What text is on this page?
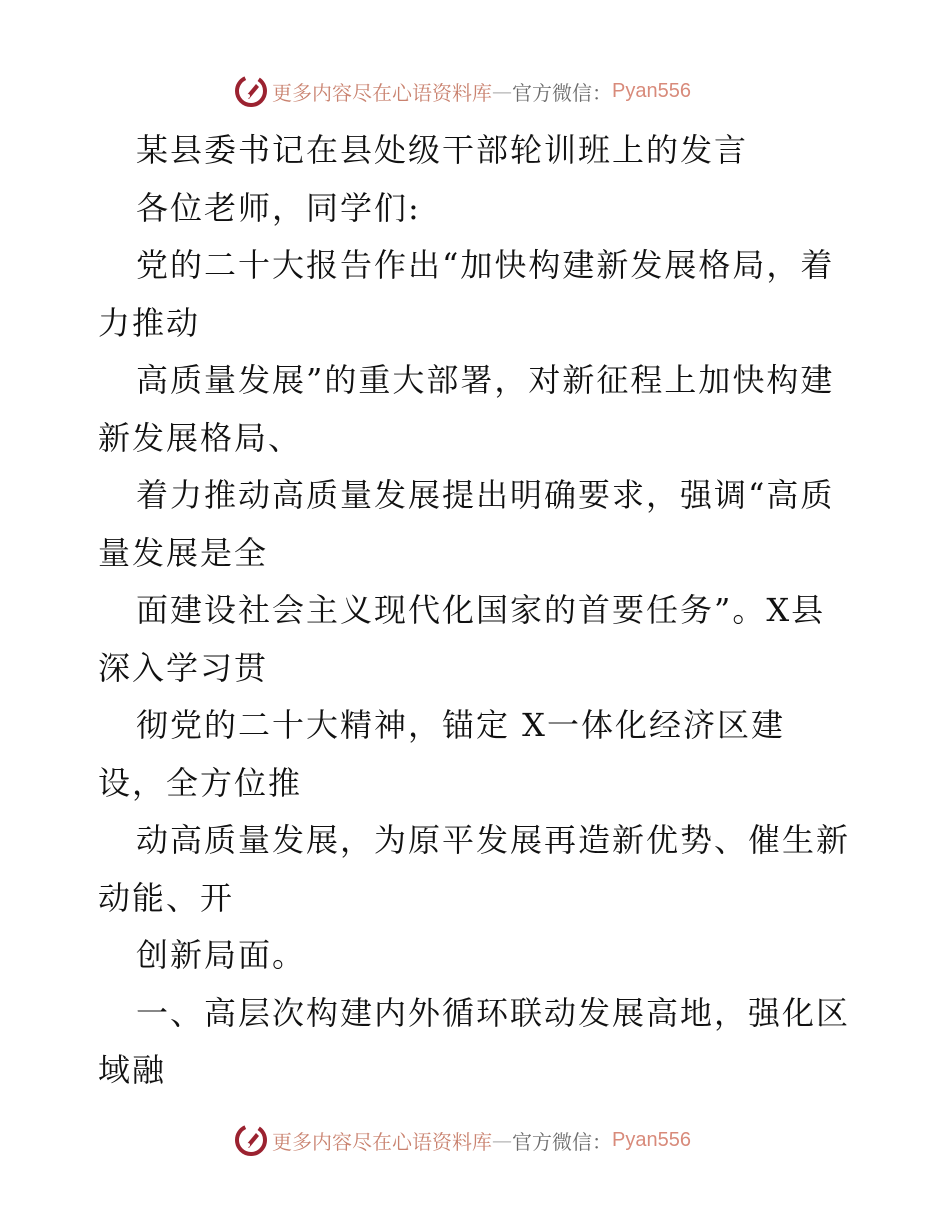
更多内容尽在心语资料库 — 官方微信： Pyan556
某县委书记在县处级干部轮训班上的发言
各位老师，同学们:
党的二十大报告作出“加快构建新发展格局，着
力推动
高质量发展”的重大部署，对新征程上加快构建
新发展格局、
着力推动高质量发展提出明确要求，强调“高质
量发展是全
面建设社会主义现代化国家的首要任务”。X县
深入学习贯
彻党的二十大精神，锚定 X一体化经济区建
设，全方位推
动高质量发展，为原平发展再造新优势、催生新
动能、开
创新局面。
一、高层次构建内外循环联动发展高地，强化区
域融
更多内容尽在心语资料库 — 官方微信： Pyan556
